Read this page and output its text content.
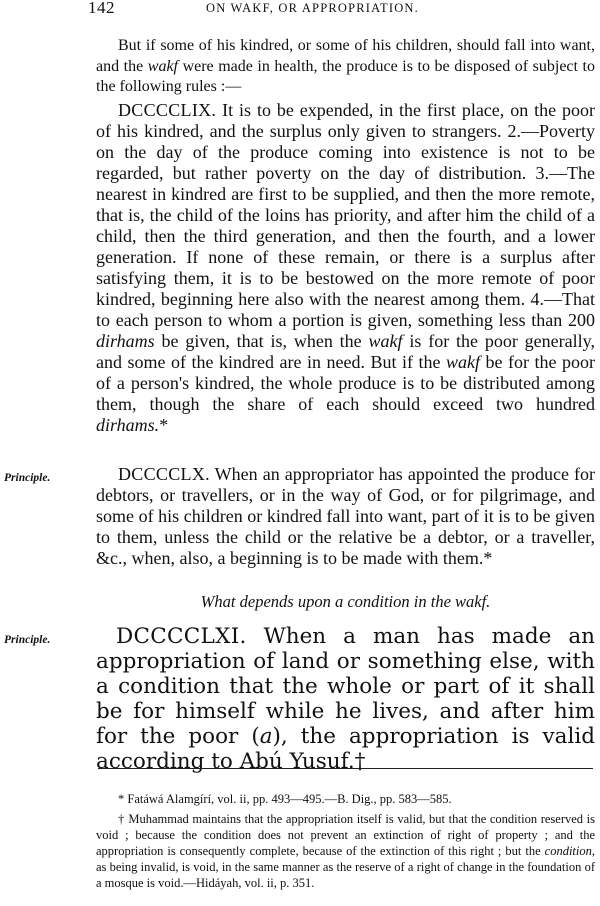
142	ON WAKF, OR APPROPRIATION.

But if some of his kindred, or some of his children, should fall into want, and the wakf were made in health, the produce is to be disposed of subject to the following rules :—

DCCCCLIX. It is to be expended, in the first place, on the poor of his kindred, and the surplus only given to strangers. 2.—Poverty on the day of the produce coming into existence is not to be regarded, but rather poverty on the day of distribution. 3.—The nearest in kindred are first to be supplied, and then the more remote, that is, the child of the loins has priority, and after him the child of a child, then the third generation, and then the fourth, and a lower generation. If none of these remain, or there is a surplus after satisfying them, it is to be bestowed on the more remote of poor kindred, beginning here also with the nearest among them. 4.—That to each person to whom a portion is given, something less than 200 dirhams be given, that is, when the wakf is for the poor generally, and some of the kindred are in need. But if the wakf be for the poor of a person's kindred, the whole produce is to be distributed among them, though the share of each should exceed two hundred dirhams.*

Principle.	DCCCCLX. When an appropriator has appointed the produce for debtors, or travellers, or in the way of God, or for pilgrimage, and some of his children or kindred fall into want, part of it is to be given to them, unless the child or the relative be a debtor, or a traveller, &c., when, also, a beginning is to be made with them.*

What depends upon a condition in the wakf.
Principle.	DCCCCLXI. When a man has made an appropriation of land or something else, with a condition that the whole or part of it shall be for himself while he lives, and after him for the poor (a), the appropriation is valid according to Abú Yusuf.†

* Fatáwá Alamgírí, vol. ii, pp. 493—495.—B. Dig., pp. 583—585.

† Muhammad maintains that the appropriation itself is valid, but that the condition reserved is void ; because the condition does not prevent an extinction of right of property ; and the appropriation is consequently complete, because of the extinction of this right ; but the condition, as being invalid, is void, in the same manner as the reserve of a right of change in the foundation of a mosque is void.—Hidáyah, vol. ii, p. 351.
